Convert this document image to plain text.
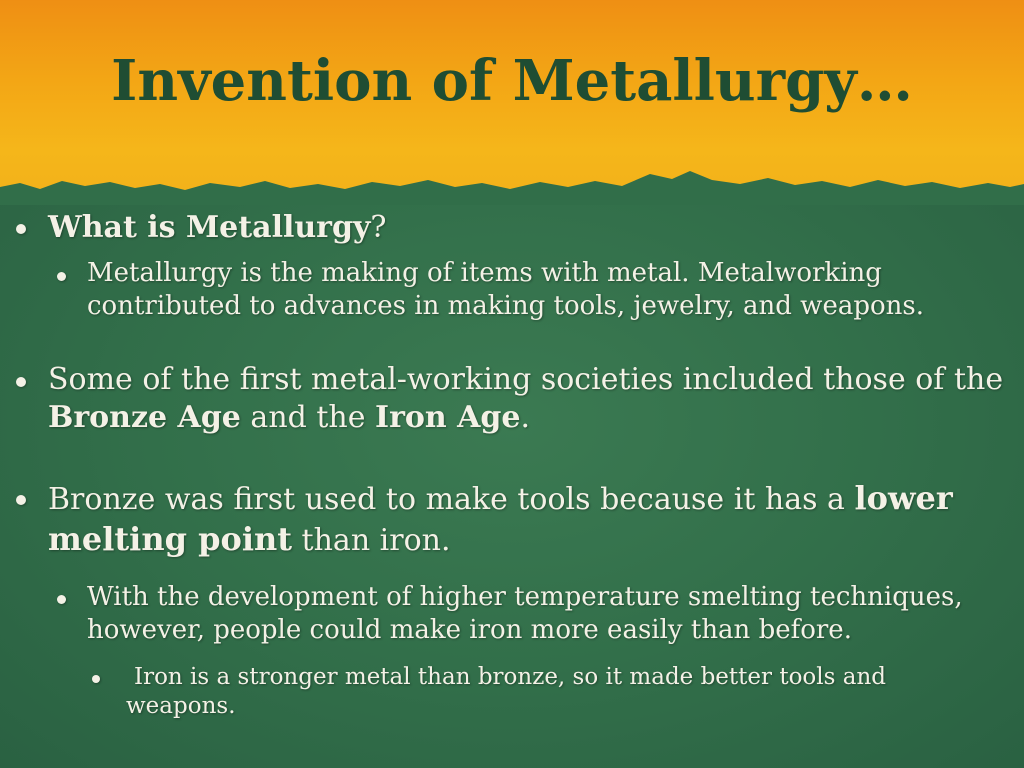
Invention of Metallurgy…
What is Metallurgy?
Metallurgy is the making of items with metal. Metalworking contributed to advances in making tools, jewelry, and weapons.
Some of the first metal-working societies included those of the
Bronze Age and the Iron Age.
Bronze was first used to make tools because it has a lower
melting point than iron.
With the development of higher temperature smelting techniques, however, people could make iron more easily than before.
Iron is a stronger metal than bronze, so it made better tools and weapons.
